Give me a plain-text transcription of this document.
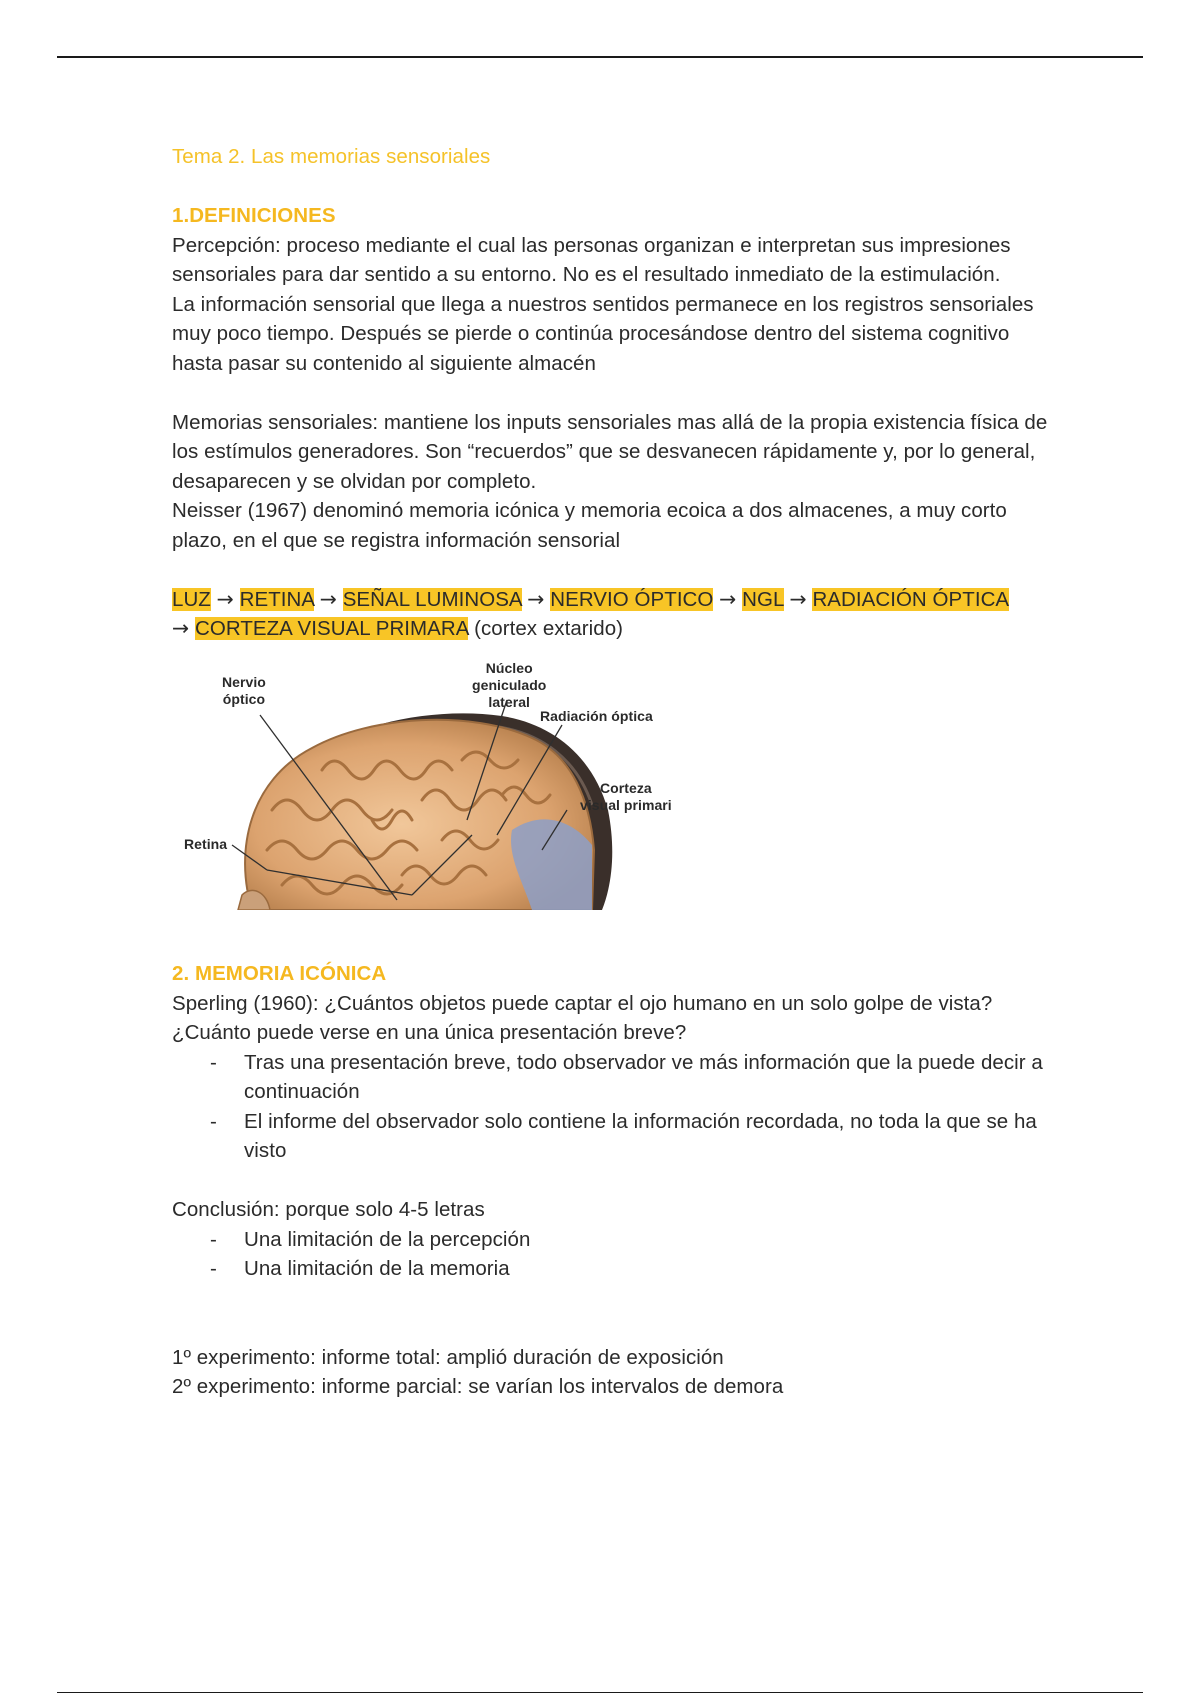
Tema 2. Las memorias sensoriales

1.DEFINICIONES

Percepción: proceso mediante el cual las personas organizan e interpretan sus impresiones sensoriales para dar sentido a su entorno. No es el resultado inmediato de la estimulación.

La información sensorial que llega a nuestros sentidos permanece en los registros sensoriales muy poco tiempo. Después se pierde o continúa procesándose dentro del sistema cognitivo hasta pasar su contenido al siguiente almacén

Memorias sensoriales: mantiene los inputs sensoriales mas allá de la propia existencia física de los estímulos generadores. Son “recuerdos” que se desvanecen rápidamente y, por lo general, desaparecen y se olvidan por completo.

Neisser (1967) denominó memoria icónica y memoria ecoica a dos almacenes, a muy corto plazo, en el que se registra información sensorial

LUZ → RETINA → SEÑAL LUMINOSA → NERVIO ÓPTICO → NGL → RADIACIÓN ÓPTICA
→ CORTEZA VISUAL PRIMARA (cortex extarido)

Nervio
óptico
Núcleo
geniculado
lateral
Radiación óptica
Corteza
visual primari
Retina

2. MEMORIA ICÓNICA

Sperling (1960): ¿Cuántos objetos puede captar el ojo humano en un solo golpe de vista? ¿Cuánto puede verse en una única presentación breve?

- Tras una presentación breve, todo observador ve más información que la puede decir a continuación
- El informe del observador solo contiene la información recordada, no toda la que se ha visto

Conclusión: porque solo 4-5 letras

- Una limitación de la percepción
- Una limitación de la memoria

1º experimento: informe total: amplió duración de exposición

2º experimento: informe parcial: se varían los intervalos de demora
